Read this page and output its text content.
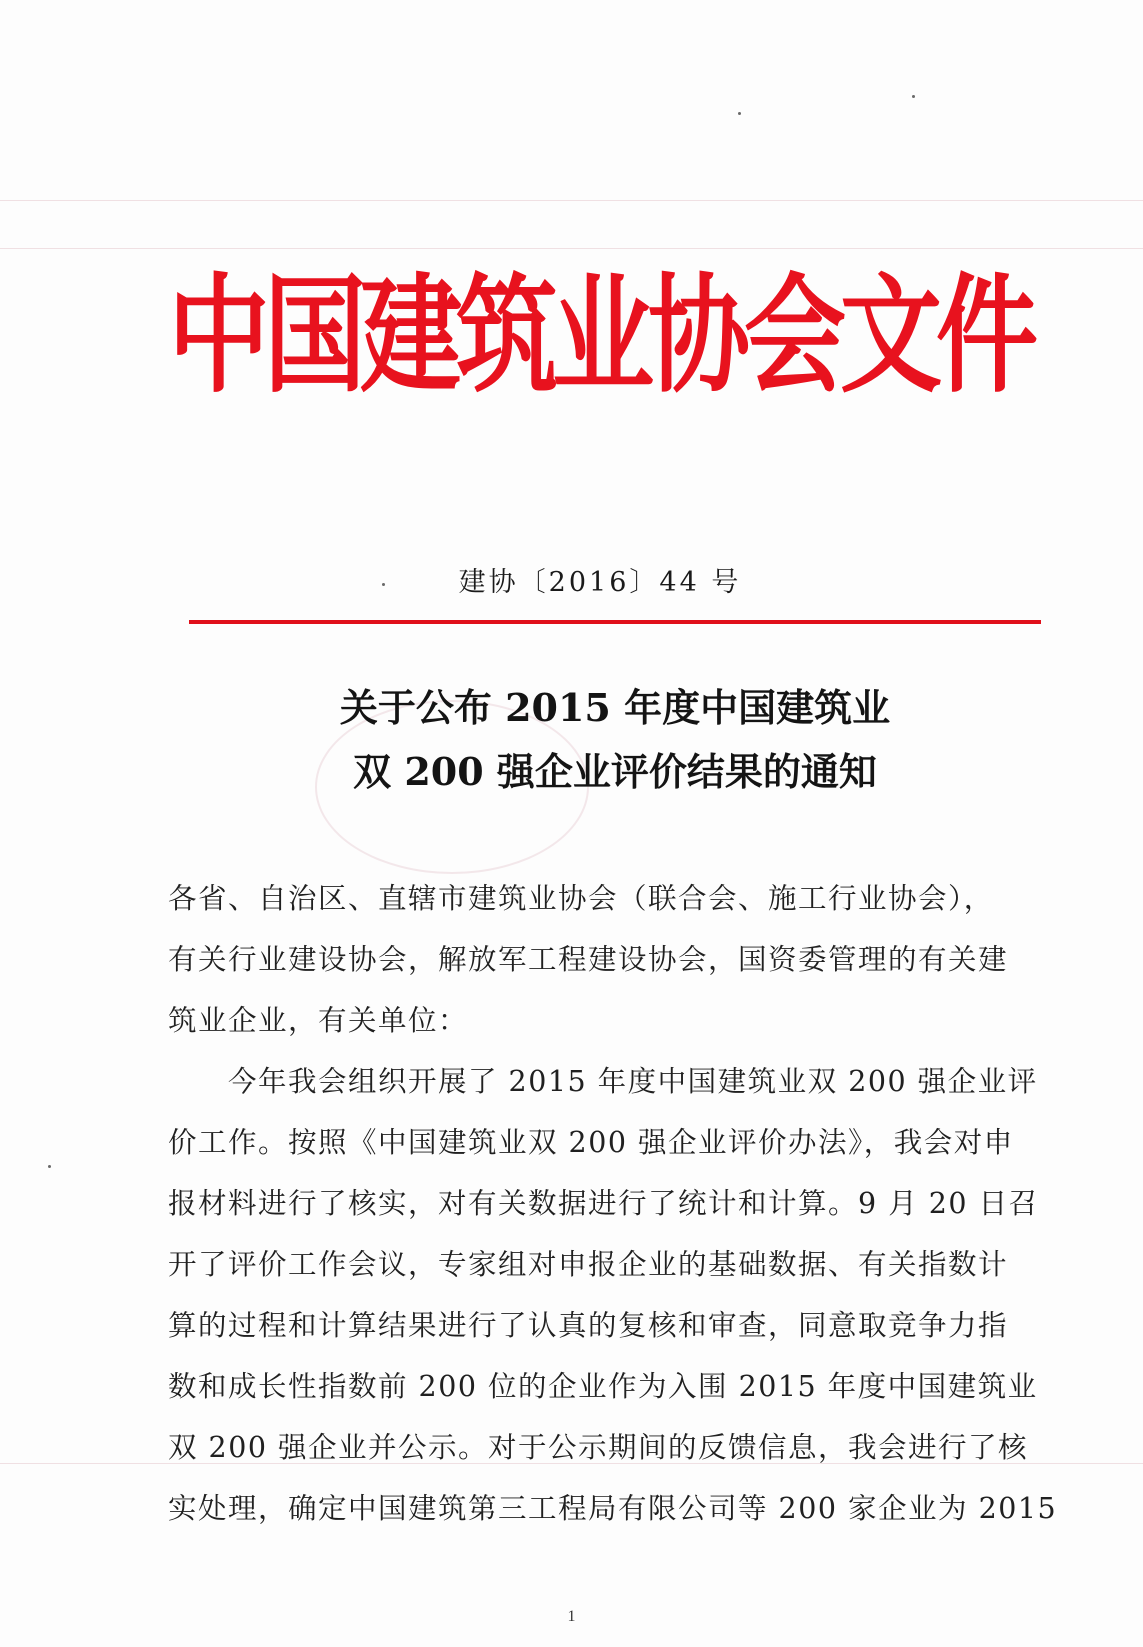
中国建筑业协会文件
建协〔2016〕44 号
关于公布 2015 年度中国建筑业
双 200 强企业评价结果的通知
各省、自治区、直辖市建筑业协会（联合会、施工行业协会），
有关行业建设协会，解放军工程建设协会，国资委管理的有关建
筑业企业，有关单位：
　　今年我会组织开展了 2015 年度中国建筑业双 200 强企业评
价工作。按照《中国建筑业双 200 强企业评价办法》，我会对申
报材料进行了核实，对有关数据进行了统计和计算。9 月 20 日召
开了评价工作会议，专家组对申报企业的基础数据、有关指数计
算的过程和计算结果进行了认真的复核和审查，同意取竞争力指
数和成长性指数前 200 位的企业作为入围 2015 年度中国建筑业
双 200 强企业并公示。对于公示期间的反馈信息，我会进行了核
实处理，确定中国建筑第三工程局有限公司等 200 家企业为 2015
1
